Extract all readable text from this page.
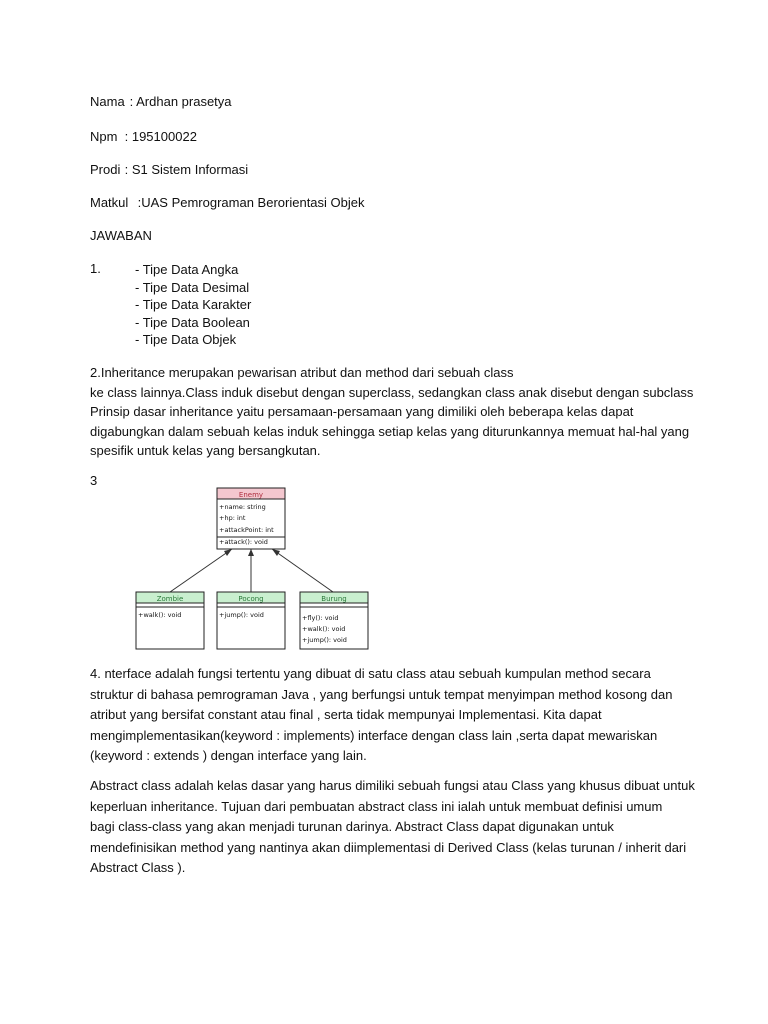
Nama : Ardhan prasetya
Npm : 195100022
Prodi : S1 Sistem Informasi
Matkul :UAS Pemrograman Berorientasi Objek
JAWABAN
1.	- Tipe Data Angka
- Tipe Data Desimal
- Tipe Data Karakter
- Tipe Data Boolean
- Tipe Data Objek
2.Inheritance merupakan pewarisan atribut dan method dari sebuah class
ke class lainnya.Class induk disebut dengan superclass, sedangkan class anak disebut dengan subclass
Prinsip dasar inheritance yaitu persamaan-persamaan yang dimiliki oleh beberapa kelas dapat
digabungkan dalam sebuah kelas induk sehingga setiap kelas yang diturunkannya memuat hal-hal yang
spesifik untuk kelas yang bersangkutan.
3
Enemy
+name: string
+hp: int
+attackPoint: int
+attack(): void
Zombie
+walk(): void
Pocong
+jump(): void
Burung
+fly(): void
+walk(): void
+jump(): void
4. nterface adalah fungsi tertentu yang dibuat di satu class atau sebuah kumpulan method secara
struktur di bahasa pemrograman Java , yang berfungsi untuk tempat menyimpan method kosong dan
atribut yang bersifat constant atau final , serta tidak mempunyai Implementasi. Kita dapat
mengimplementasikan(keyword : implements) interface dengan class lain ,serta dapat mewariskan
(keyword : extends ) dengan interface yang lain.
Abstract class adalah kelas dasar yang harus dimiliki sebuah fungsi atau Class yang khusus dibuat untuk
keperluan inheritance. Tujuan dari pembuatan abstract class ini ialah untuk membuat definisi umum
bagi class-class yang akan menjadi turunan darinya. Abstract Class dapat digunakan untuk
mendefinisikan method yang nantinya akan diimplementasi di Derived Class (kelas turunan / inherit dari
Abstract Class ).
